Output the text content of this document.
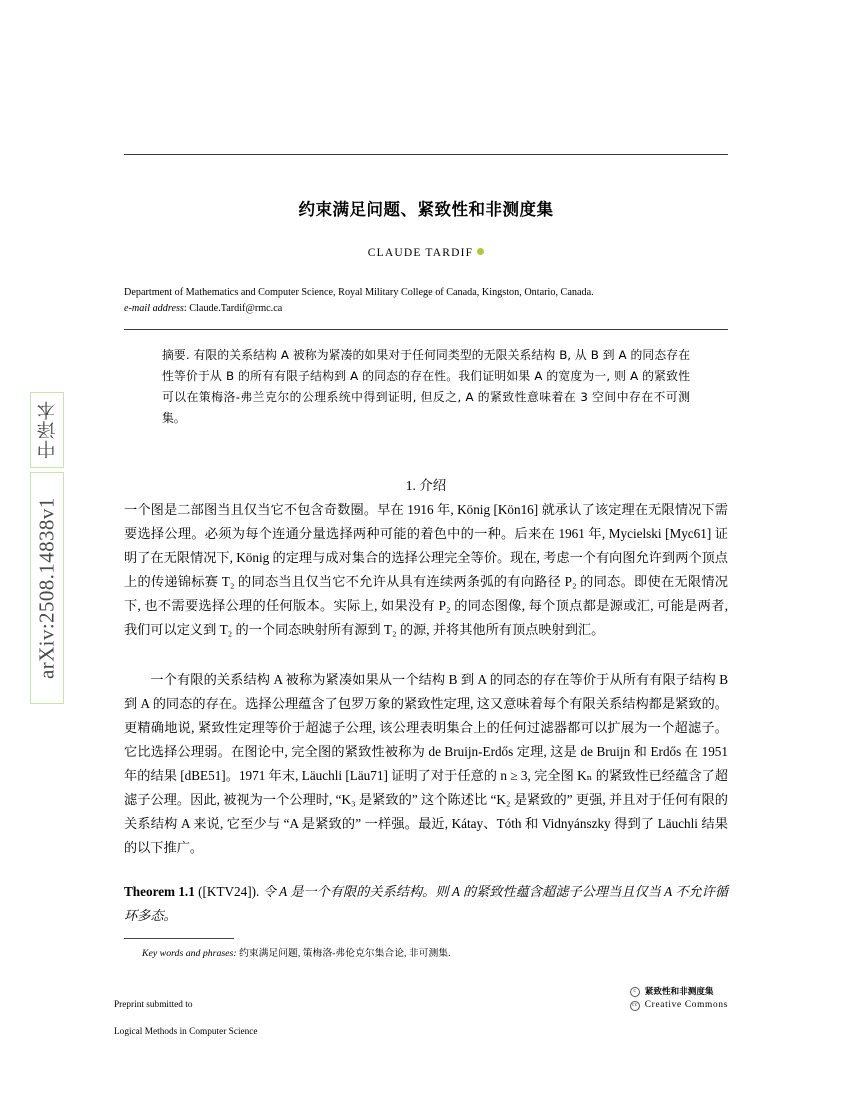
arXiv:2508.14838v1
中译本
约束满足问题、紧致性和非测度集
CLAUDE TARDIF
Department of Mathematics and Computer Science, Royal Military College of Canada, Kingston, Ontario, Canada.
e-mail address: Claude.Tardif@rmc.ca
摘要. 有限的关系结构 A 被称为紧凑的如果对于任何同类型的无限关系结构 B, 从 B 到 A 的同态存在性等价于从 B 的所有有限子结构到 A 的同态的存在性。我们证明如果 A 的宽度为一, 则 A 的紧致性可以在策梅洛-弗兰克尔的公理系统中得到证明, 但反之, A 的紧致性意味着在 3 空间中存在不可测集。
1. 介绍
一个图是二部图当且仅当它不包含奇数圈。早在 1916 年, König [Kön16] 就承认了该定理在无限情况下需要选择公理。必须为每个连通分量选择两种可能的着色中的一种。后来在 1961 年, Mycielski [Myc61] 证明了在无限情况下, König 的定理与成对集合的选择公理完全等价。现在, 考虑一个有向图允许到两个顶点上的传递锦标赛 T₂ 的同态当且仅当它不允许从具有连续两条弧的有向路径 P₂ 的同态。即使在无限情况下, 也不需要选择公理的任何版本。实际上, 如果没有 P₂ 的同态图像, 每个顶点都是源或汇, 可能是两者, 我们可以定义到 T₂ 的一个同态映射所有源到 T₂ 的源, 并将其他所有顶点映射到汇。
一个有限的关系结构 A 被称为紧凑如果从一个结构 B 到 A 的同态的存在等价于从所有有限子结构 B 到 A 的同态的存在。选择公理蕴含了包罗万象的紧致性定理, 这又意味着每个有限关系结构都是紧致的。更精确地说, 紧致性定理等价于超滤子公理, 该公理表明集合上的任何过滤器都可以扩展为一个超滤子。它比选择公理弱。在图论中, 完全图的紧致性被称为 de Bruijn-Erdős 定理, 这是 de Bruijn 和 Erdős 在 1951 年的结果 [dBE51]。1971 年末, Läuchli [Läu71] 证明了对于任意的 n ≥ 3, 完全图 Kₙ 的紧致性已经蕴含了超滤子公理。因此, 被视为一个公理时, “K₃ 是紧致的” 这个陈述比 “K₂ 是紧致的” 更强, 并且对于任何有限的关系结构 A 来说, 它至少与 “A 是紧致的” 一样强。最近, Kátay、Tóth 和 Vidnyánszky 得到了 Läuchli 结果的以下推广。
Theorem 1.1 ([KTV24]). 令 A 是一个有限的关系结构。则 A 的紧致性蕴含超滤子公理当且仅当 A 不允许循环多态。
Key words and phrases: 约束满足问题, 策梅洛-弗伦克尔集合论, 非可测集.

Preprint submitted to

Logical Methods in Computer Science

c	紧致性和非测度集
cc Creative Commons
